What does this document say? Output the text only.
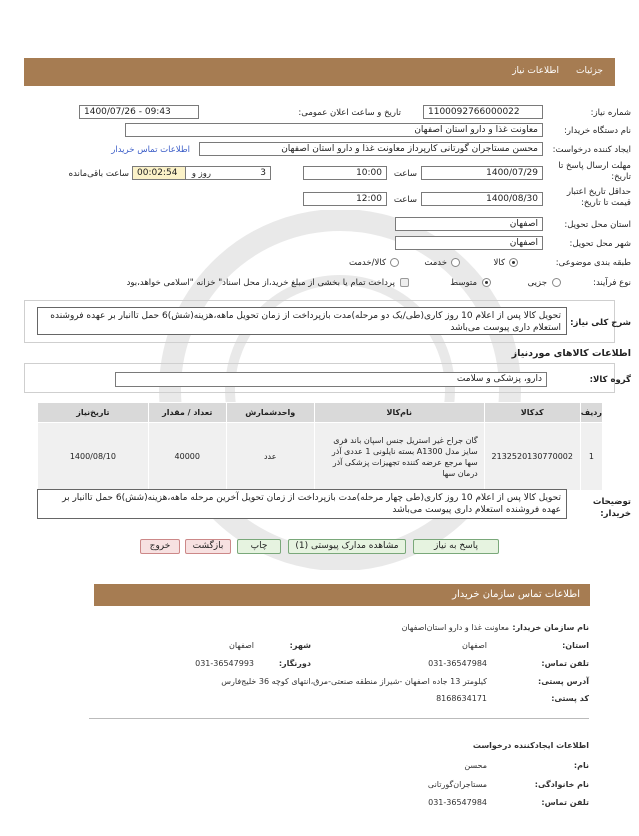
جزئیات
اطلاعات نیاز
شماره نیاز:
1100092766000022
تاریخ و ساعت اعلان عمومی:
1400/07/26 - 09:43
نام دستگاه خریدار:
معاونت غذا و دارو استان اصفهان
ایجاد کننده درخواست:
محسن مستاجران گورتانی کارپرداز معاونت غذا و دارو استان اصفهان
اطلاعات تماس خریدار
مهلت ارسال پاسخ تا تاریخ:
1400/07/29
ساعت
10:00
3
روز و
00:02:54
ساعت باقی‌مانده
حداقل تاریخ اعتبار قیمت تا تاریخ:
1400/08/30
ساعت
12:00
استان محل تحویل:
اصفهان
شهر محل تحویل:
اصفهان
طبقه بندی موضوعی:
کالا
خدمت
کالا/خدمت
نوع فرآیند:
جزیی
متوسط
پرداخت تمام یا بخشی از مبلغ خرید،از محل اسناد" خزانه "اسلامی خواهد،بود
شرح کلی نیاز:
تحویل کالا پس از اعلام 10 روز کاری(طی/یک دو مرحله)مدت بازپرداخت از زمان تحویل ماهه،هزینه(شش)6 حمل تاانبار بر عهده فروشنده استعلام داری پیوست می‌باشد
اطلاعات کالاهای موردنیاز
گروه کالا:
دارو، پزشکی و سلامت
ردیف	کدکالا	نام‌کالا	واحدشمارش	تعداد / مقدار	تاریخ‌نیاز
1	2132520130770002	گان جراح غیر استریل جنس اسپان باند فری سایز مدل A1300 بسته نایلونی 1 عددی آذر سها مرجع عرضه کننده تجهیزات پزشکی آذر درمان سها	عدد	40000	1400/08/10
توضیحات خریدار:
تحویل کالا پس از اعلام 10 روز کاری(طی چهار مرحله)مدت بازپرداخت از زمان تحویل آخرین مرحله ماهه،هزینه(شش)6 حمل تاانبار بر عهده فروشنده استعلام داری پیوست می‌باشد
پاسخ به نیاز
مشاهده مدارک پیوستی (1)
چاپ
بازگشت
خروج
اطلاعات تماس سازمان خریدار
نام سازمان خریدار:
معاونت غذا و دارو استان‌اصفهان
استان:
اصفهان
شهر:
اصفهان
تلفن تماس:
031-36547984
دورنگار:
031-36547993
آدرس پستی:
کیلومتر 13 جاده اصفهان -شیراز منطقه صنعتی-مرق،انتهای کوچه 36 خلیج‌فارس
کد پستی:
8168634171
اطلاعات ایجادکننده درخواست
نام:
محسن
نام خانوادگی:
مستاجران‌گورتانی
تلفن تماس:
031-36547984
